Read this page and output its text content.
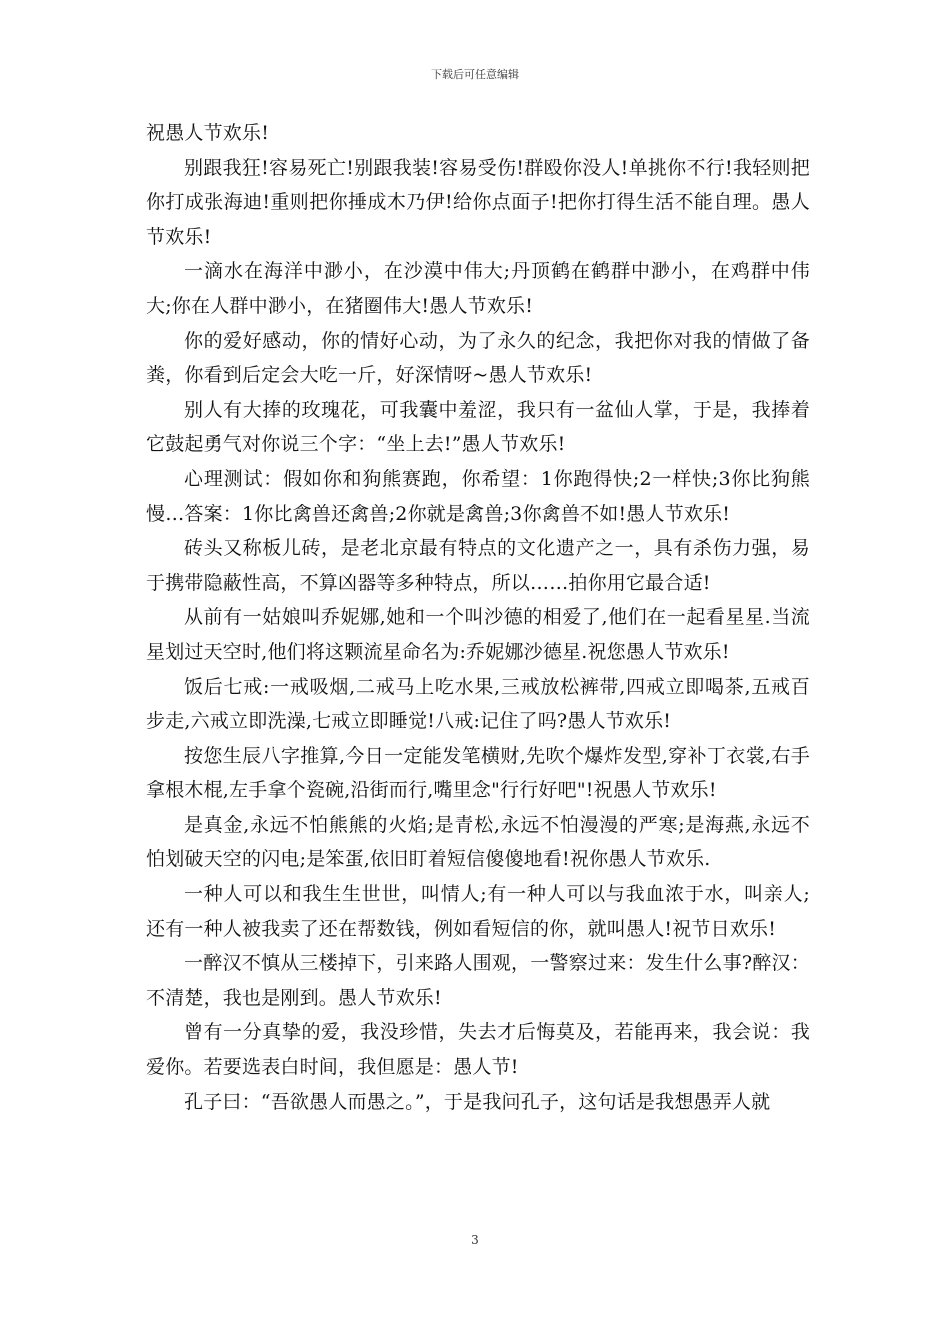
下载后可任意编辑

祝愚人节欢乐!

别跟我狂!容易死亡!别跟我装!容易受伤!群殴你没人!单挑你不行!我轻则把你打成张海迪!重则把你捶成木乃伊!给你点面子!把你打得生活不能自理。愚人节欢乐!

一滴水在海洋中渺小，在沙漠中伟大;丹顶鹤在鹤群中渺小，在鸡群中伟大;你在人群中渺小，在猪圈伟大!愚人节欢乐!

你的爱好感动，你的情好心动，为了永久的纪念，我把你对我的情做了备粪，你看到后定会大吃一斤，好深情呀~愚人节欢乐!

别人有大捧的玫瑰花，可我囊中羞涩，我只有一盆仙人掌，于是，我捧着它鼓起勇气对你说三个字：“坐上去!”愚人节欢乐!

心理测试：假如你和狗熊赛跑，你希望：1你跑得快;2一样快;3你比狗熊慢…答案：1你比禽兽还禽兽;2你就是禽兽;3你禽兽不如!愚人节欢乐!

砖头又称板儿砖，是老北京最有特点的文化遗产之一，具有杀伤力强，易于携带隐蔽性高，不算凶器等多种特点，所以……拍你用它最合适!

从前有一姑娘叫乔妮娜,她和一个叫沙德的相爱了,他们在一起看星星.当流星划过天空时,他们将这颗流星命名为:乔妮娜沙德星.祝您愚人节欢乐!

饭后七戒:一戒吸烟,二戒马上吃水果,三戒放松裤带,四戒立即喝茶,五戒百步走,六戒立即洗澡,七戒立即睡觉!八戒:记住了吗?愚人节欢乐!

按您生辰八字推算,今日一定能发笔横财,先吹个爆炸发型,穿补丁衣裳,右手拿根木棍,左手拿个瓷碗,沿街而行,嘴里念"行行好吧"!祝愚人节欢乐!

是真金,永远不怕熊熊的火焰;是青松,永远不怕漫漫的严寒;是海燕,永远不怕划破天空的闪电;是笨蛋,依旧盯着短信傻傻地看!祝你愚人节欢乐.

一种人可以和我生生世世，叫情人;有一种人可以与我血浓于水，叫亲人;还有一种人被我卖了还在帮数钱，例如看短信的你，就叫愚人!祝节日欢乐!

一醉汉不慎从三楼掉下，引来路人围观，一警察过来：发生什么事?醉汉：不清楚，我也是刚到。愚人节欢乐!

曾有一分真挚的爱，我没珍惜，失去才后悔莫及，若能再来，我会说：我爱你。若要选表白时间，我但愿是：愚人节!

孔子曰：“吾欲愚人而愚之。”，于是我问孔子，这句话是我想愚弄人就

3
